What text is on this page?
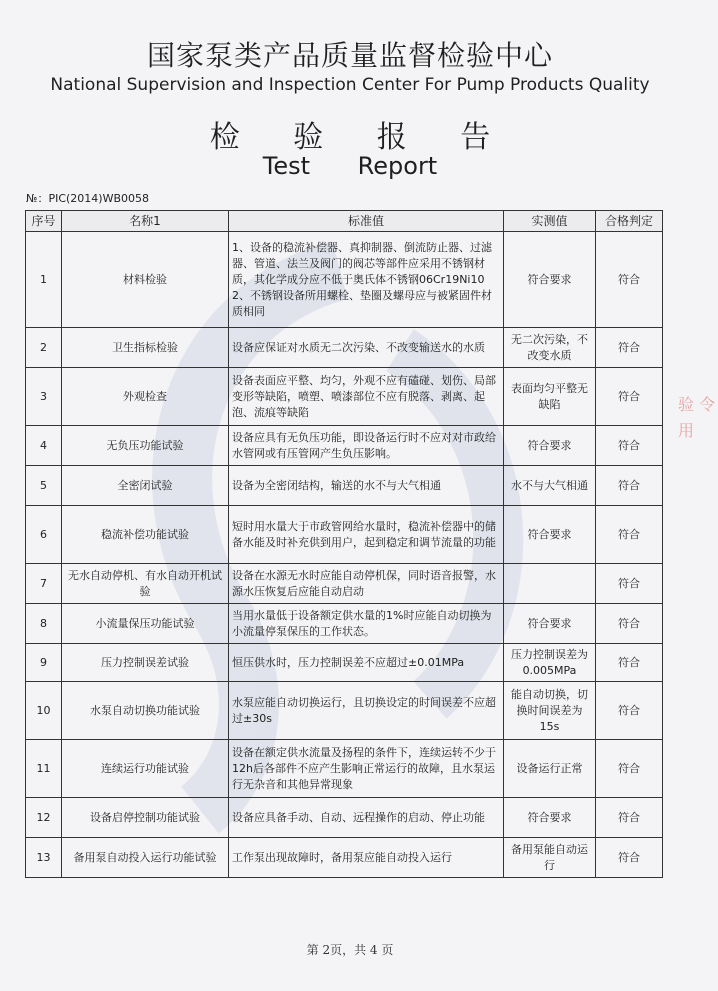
国家泵类产品质量监督检验中心
National Supervision and Inspection Center For Pump Products Quality
检 验 报 告
Test Report
№：PIC(2014)WB0058
序号	名称1	标准值	实测值	合格判定
1	材料检验	1、设备的稳流补偿器、真抑制器、倒流防止器、过滤器、管道、法兰及阀门的阀芯等部件应采用不锈钢材质，其化学成分应不低于奥氏体不锈钢06Cr19Ni10 2、不锈钢设备所用螺栓、垫圈及螺母应与被紧固件材质相同	符合要求	符合
2	卫生指标检验	设备应保证对水质无二次污染、不改变输送水的水质	无二次污染，不改变水质	符合
3	外观检查	设备表面应平整、均匀，外观不应有磕碰、划伤、局部变形等缺陷，喷塑、喷漆部位不应有脱落、剥离、起泡、流痕等缺陷	表面均匀平整无缺陷	符合
4	无负压功能试验	设备应具有无负压功能，即设备运行时不应对对市政给水管网或有压管网产生负压影响。	符合要求	符合
5	全密闭试验	设备为全密闭结构，输送的水不与大气相通	水不与大气相通	符合
6	稳流补偿功能试验	短时用水量大于市政管网给水量时，稳流补偿器中的储备水能及时补充供到用户，起到稳定和调节流量的功能	符合要求	符合
7	无水自动停机、有水自动开机试验	设备在水源无水时应能自动停机保，同时语音报警，水源水压恢复后应能自动启动		符合
8	小流量保压功能试验	当用水量低于设备额定供水量的1%时应能自动切换为小流量停泵保压的工作状态。	符合要求	符合
9	压力控制误差试验	恒压供水时，压力控制误差不应超过±0.01MPa	压力控制误差为0.005MPa	符合
10	水泵自动切换功能试验	水泵应能自动切换运行，且切换设定的时间误差不应超过±30s	能自动切换，切换时间误差为15s	符合
11	连续运行功能试验	设备在额定供水流量及扬程的条件下，连续运转不少于12h后各部件不应产生影响正常运行的故障，且水泵运行无杂音和其他异常现象	设备运行正常	符合
12	设备启停控制功能试验	设备应具备手动、自动、远程操作的启动、停止功能	符合要求	符合
13	备用泵自动投入运行功能试验	工作泵出现故障时，备用泵应能自动投入运行	备用泵能自动运行	符合
第 2页，共 4 页
验 令 用
